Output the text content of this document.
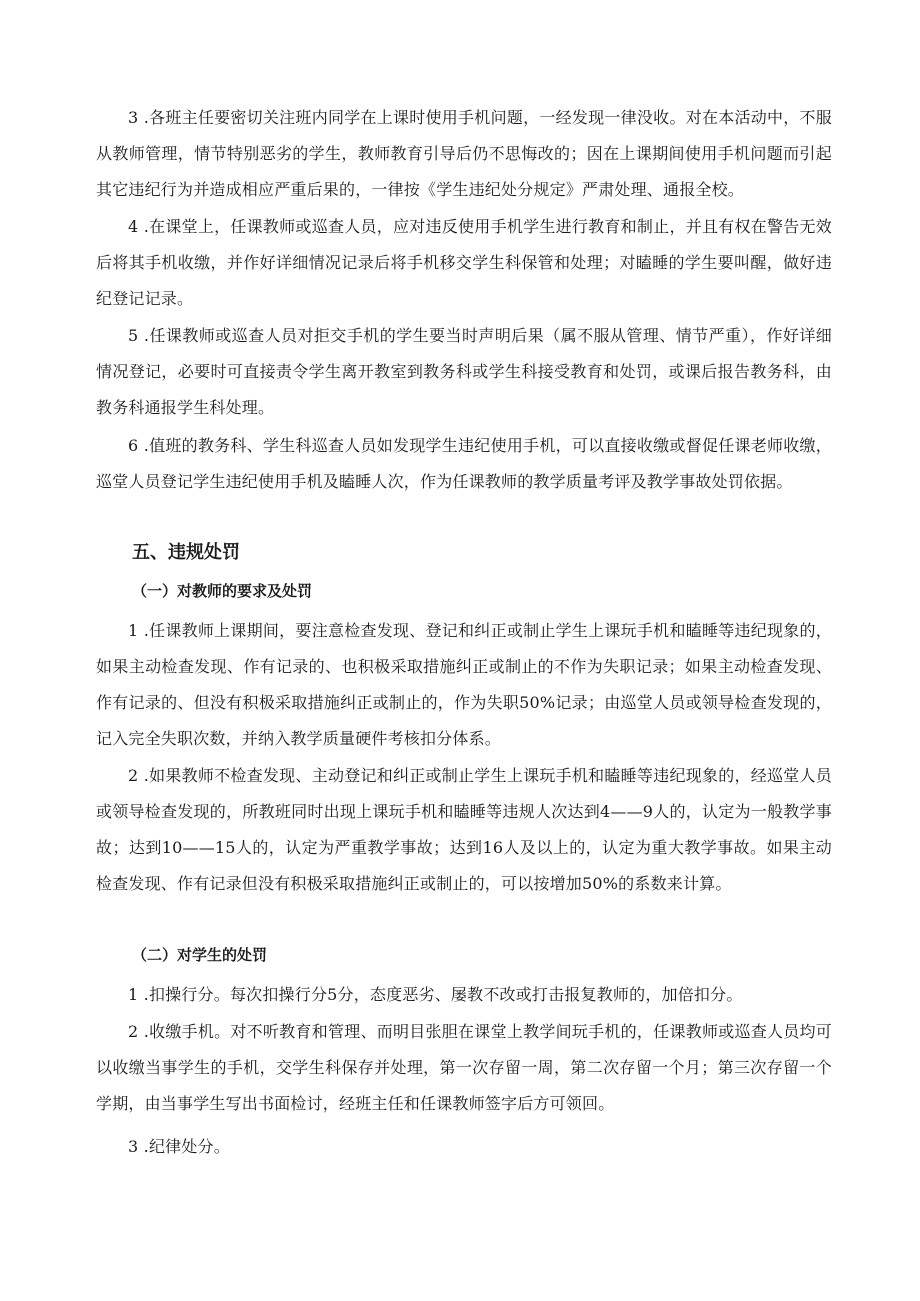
3 .各班主任要密切关注班内同学在上课时使用手机问题，一经发现一律没收。对在本活动中，不服从教师管理，情节特别恶劣的学生，教师教育引导后仍不思悔改的；因在上课期间使用手机问题而引起其它违纪行为并造成相应严重后果的，一律按《学生违纪处分规定》严肃处理、通报全校。

4 .在课堂上，任课教师或巡查人员，应对违反使用手机学生进行教育和制止，并且有权在警告无效后将其手机收缴，并作好详细情况记录后将手机移交学生科保管和处理；对瞌睡的学生要叫醒，做好违纪登记记录。

5 .任课教师或巡查人员对拒交手机的学生要当时声明后果（属不服从管理、情节严重），作好详细情况登记，必要时可直接责令学生离开教室到教务科或学生科接受教育和处罚，或课后报告教务科，由教务科通报学生科处理。

6 .值班的教务科、学生科巡查人员如发现学生违纪使用手机，可以直接收缴或督促任课老师收缴，巡堂人员登记学生违纪使用手机及瞌睡人次，作为任课教师的教学质量考评及教学事故处罚依据。

五、违规处罚
（一）对教师的要求及处罚

1 .任课教师上课期间，要注意检查发现、登记和纠正或制止学生上课玩手机和瞌睡等违纪现象的，如果主动检查发现、作有记录的、也积极采取措施纠正或制止的不作为失职记录；如果主动检查发现、作有记录的、但没有积极采取措施纠正或制止的，作为失职50%记录；由巡堂人员或领导检查发现的，记入完全失职次数，并纳入教学质量硬件考核扣分体系。

2 .如果教师不检查发现、主动登记和纠正或制止学生上课玩手机和瞌睡等违纪现象的，经巡堂人员或领导检查发现的，所教班同时出现上课玩手机和瞌睡等违规人次达到4——9人的，认定为一般教学事故；达到10——15人的，认定为严重教学事故；达到16人及以上的，认定为重大教学事故。如果主动检查发现、作有记录但没有积极采取措施纠正或制止的，可以按增加50%的系数来计算。

（二）对学生的处罚

1 .扣操行分。每次扣操行分5分，态度恶劣、屡教不改或打击报复教师的，加倍扣分。

2 .收缴手机。对不听教育和管理、而明目张胆在课堂上教学间玩手机的，任课教师或巡查人员均可以收缴当事学生的手机，交学生科保存并处理，第一次存留一周，第二次存留一个月；第三次存留一个学期，由当事学生写出书面检讨，经班主任和任课教师签字后方可领回。

3 .纪律处分。
